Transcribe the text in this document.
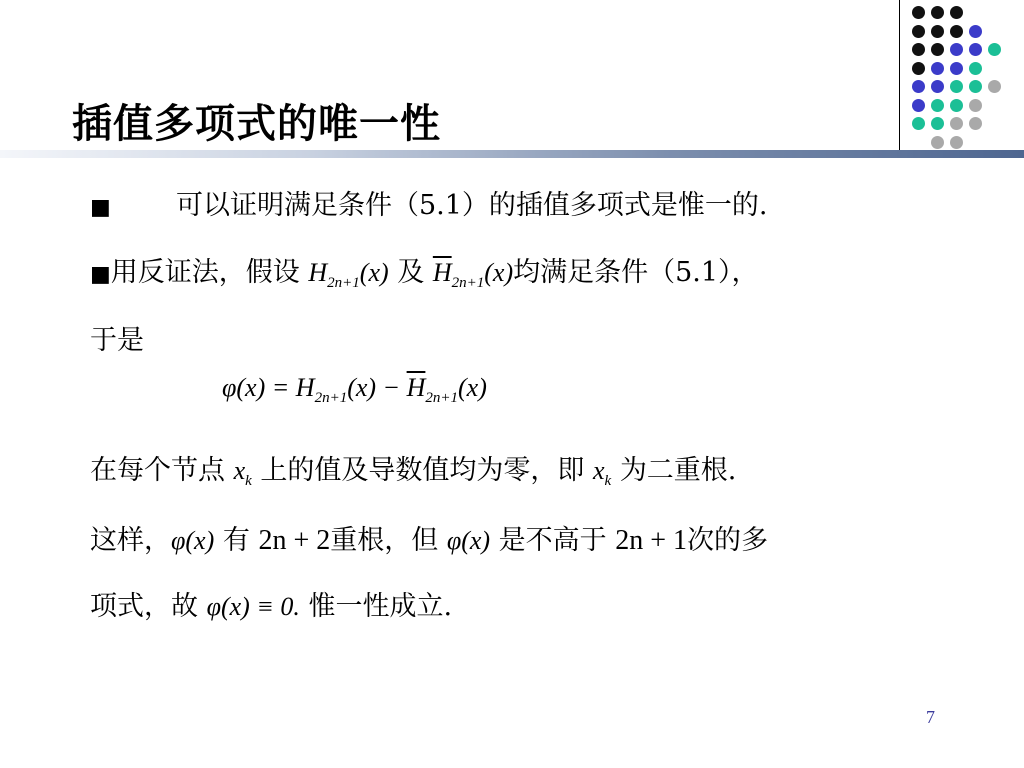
插值多项式的唯一性
■ 可以证明满足条件（5.1）的插值多项式是惟一的.
■用反证法，假设 $H_{2n+1}(x)$ 及 $\overline{H}_{2n+1}(x)$均满足条件（5.1），
于是
$\varphi(x) = H_{2n+1}(x) - \overline{H}_{2n+1}(x)$
在每个节点 $x_k$ 上的值及导数值均为零，即 $x_k$ 为二重根.
这样，φ(x) 有 2n + 2重根，但 φ(x) 是不高于 2n + 1次的多
项式，故 φ(x) ≡ 0. 惟一性成立.
7
